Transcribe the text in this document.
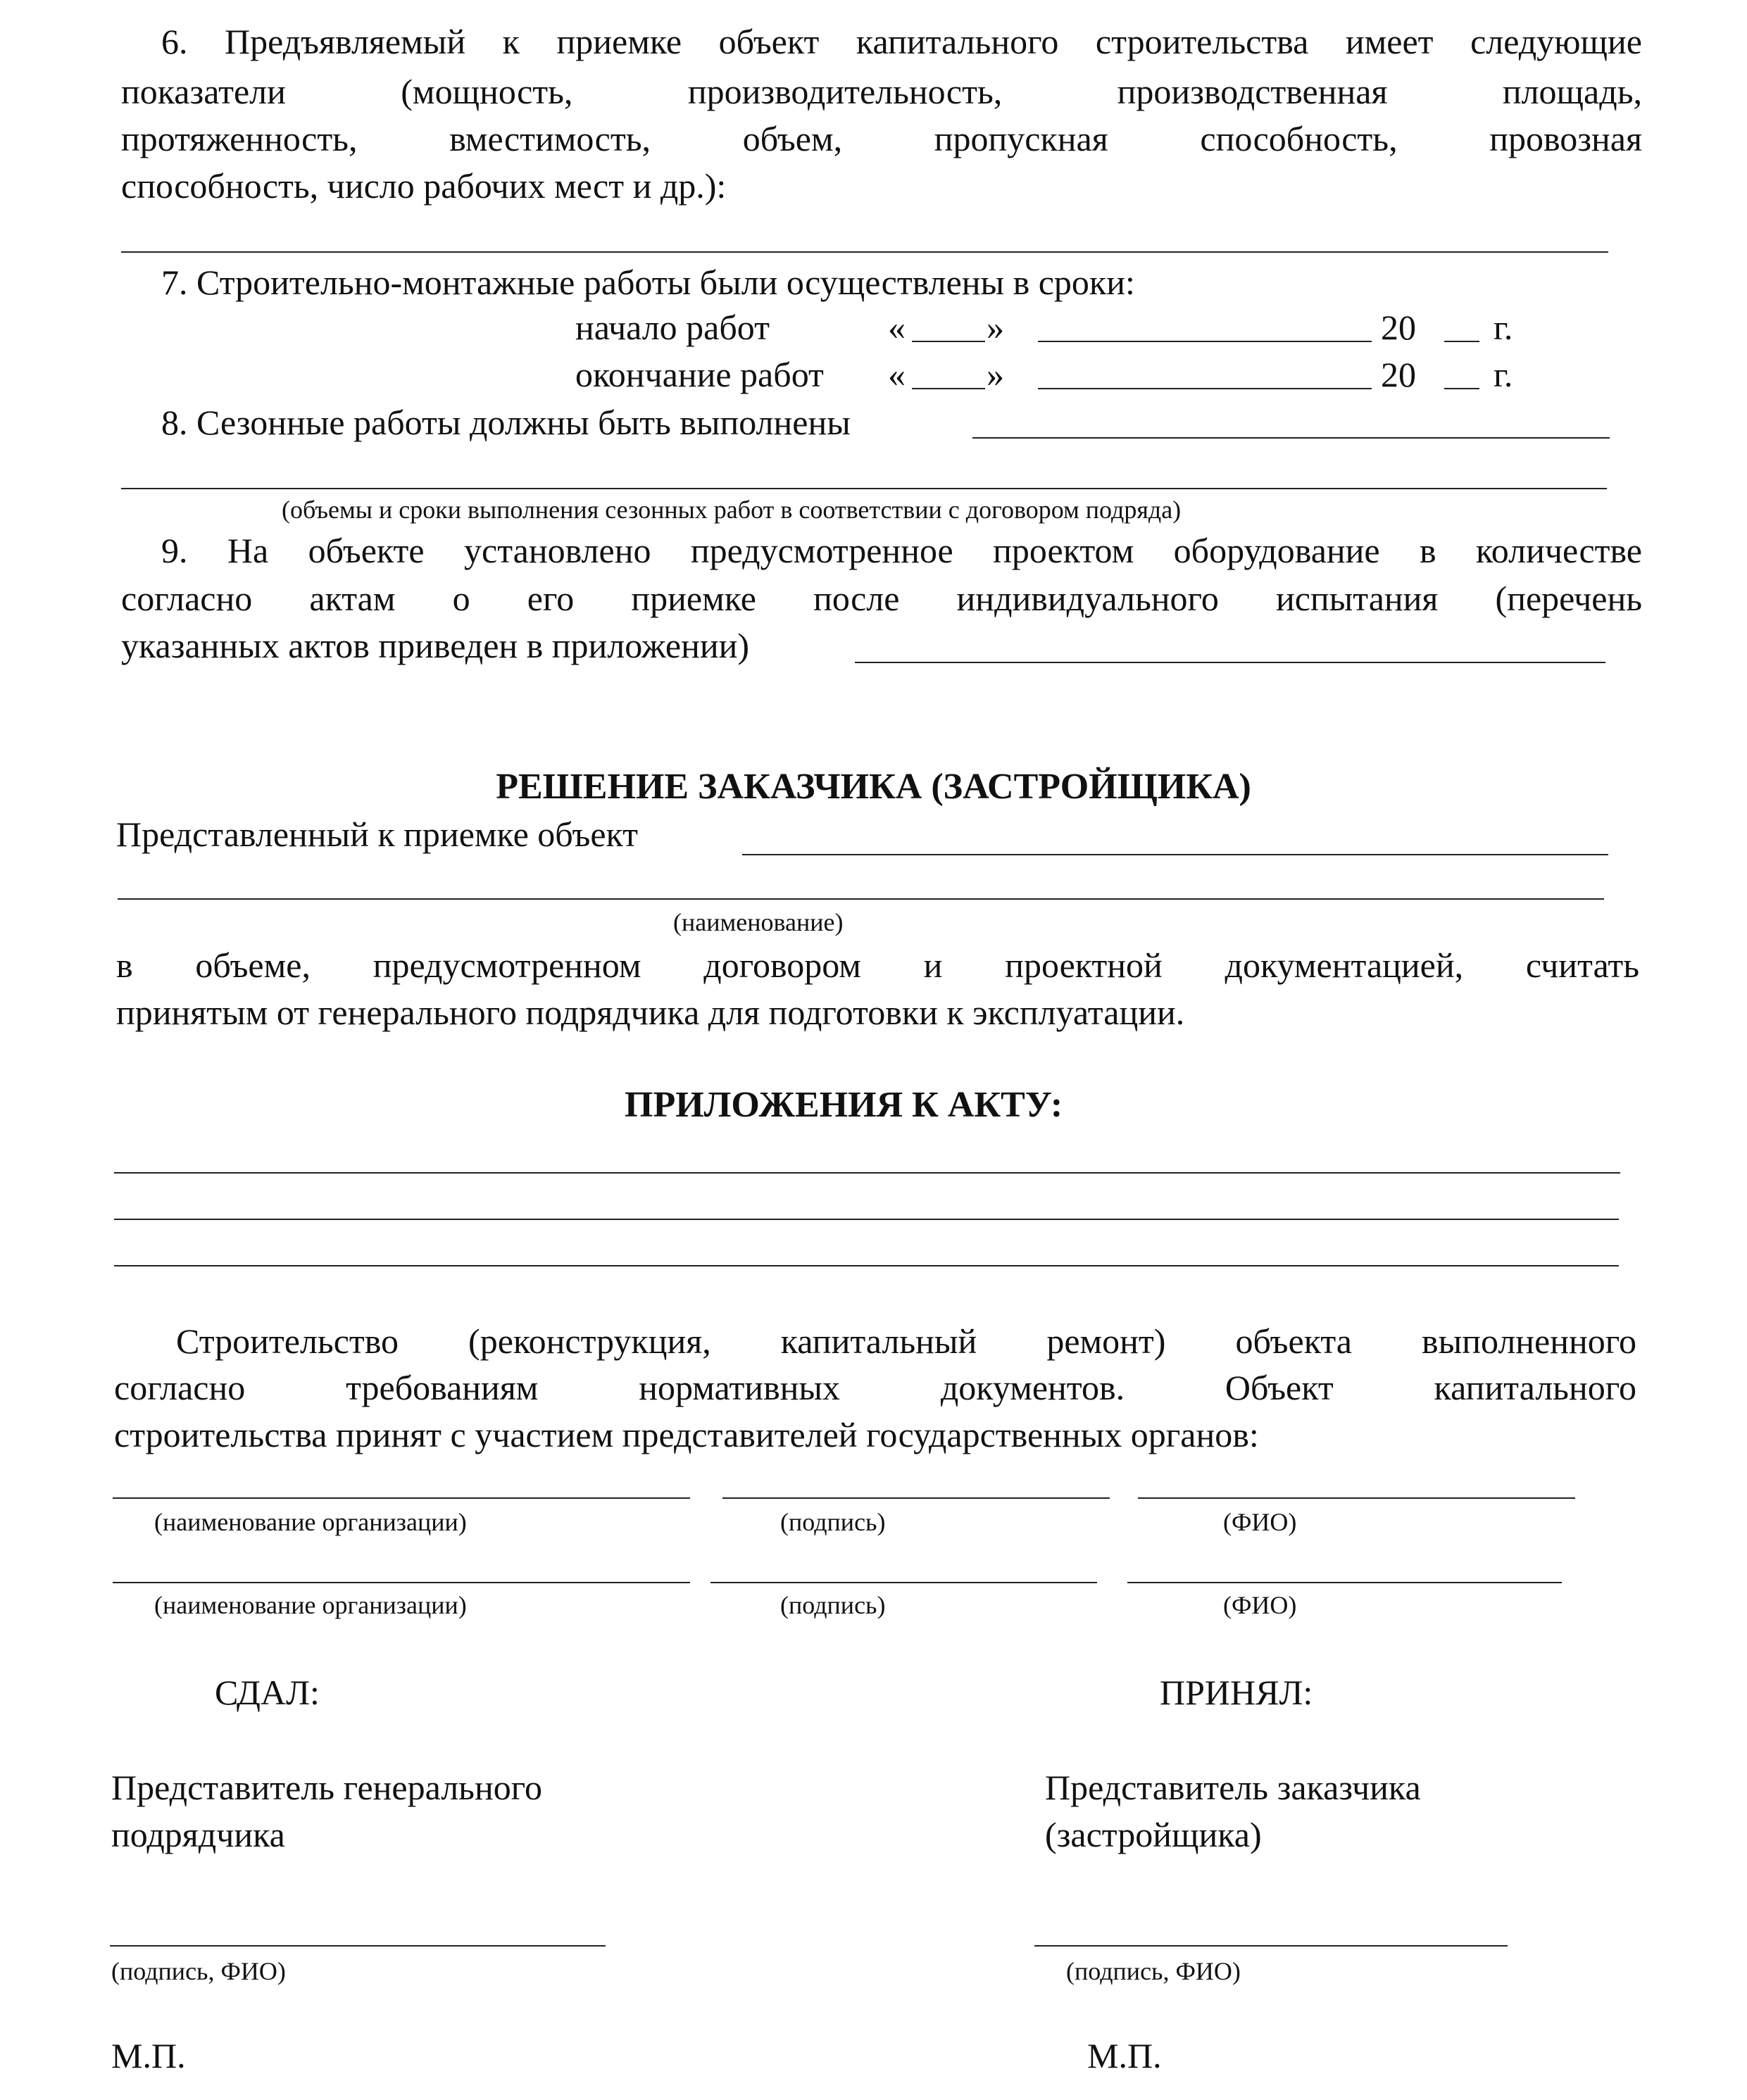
6. Предъявляемый к приемке объект капитального строительства имеет следующие
показатели (мощность, производительность, производственная площадь,
протяженность, вместимость, объем, пропускная способность, провозная
способность, число рабочих мест и др.):
7. Строительно-монтажные работы были осуществлены в сроки:
начало работ	« »	20 г.
окончание работ « »	20 г.
8. Сезонные работы должны быть выполнены
(объемы и сроки выполнения сезонных работ в соответствии с договором подряда)
9. На объекте установлено предусмотренное проектом оборудование в количестве
согласно актам о его приемке после индивидуального испытания (перечень
указанных актов приведен в приложении)
РЕШЕНИЕ ЗАКАЗЧИКА (ЗАСТРОЙЩИКА)
Представленный к приемке объект
(наименование)
в объеме, предусмотренном договором и проектной документацией, считать
принятым от генерального подрядчика для подготовки к эксплуатации.
ПРИЛОЖЕНИЯ К АКТУ:
Строительство (реконструкция, капитальный ремонт) объекта выполненного
согласно требованиям нормативных документов. Объект капитального
строительства принят с участием представителей государственных органов:
(наименование организации)	(подпись)	(ФИО)
(наименование организации)	(подпись)	(ФИО)
СДАЛ:	ПРИНЯЛ:
Представитель генерального
подрядчика
Представитель заказчика
(застройщика)
(подпись, ФИО)	(подпись, ФИО)
М.П.	М.П.
